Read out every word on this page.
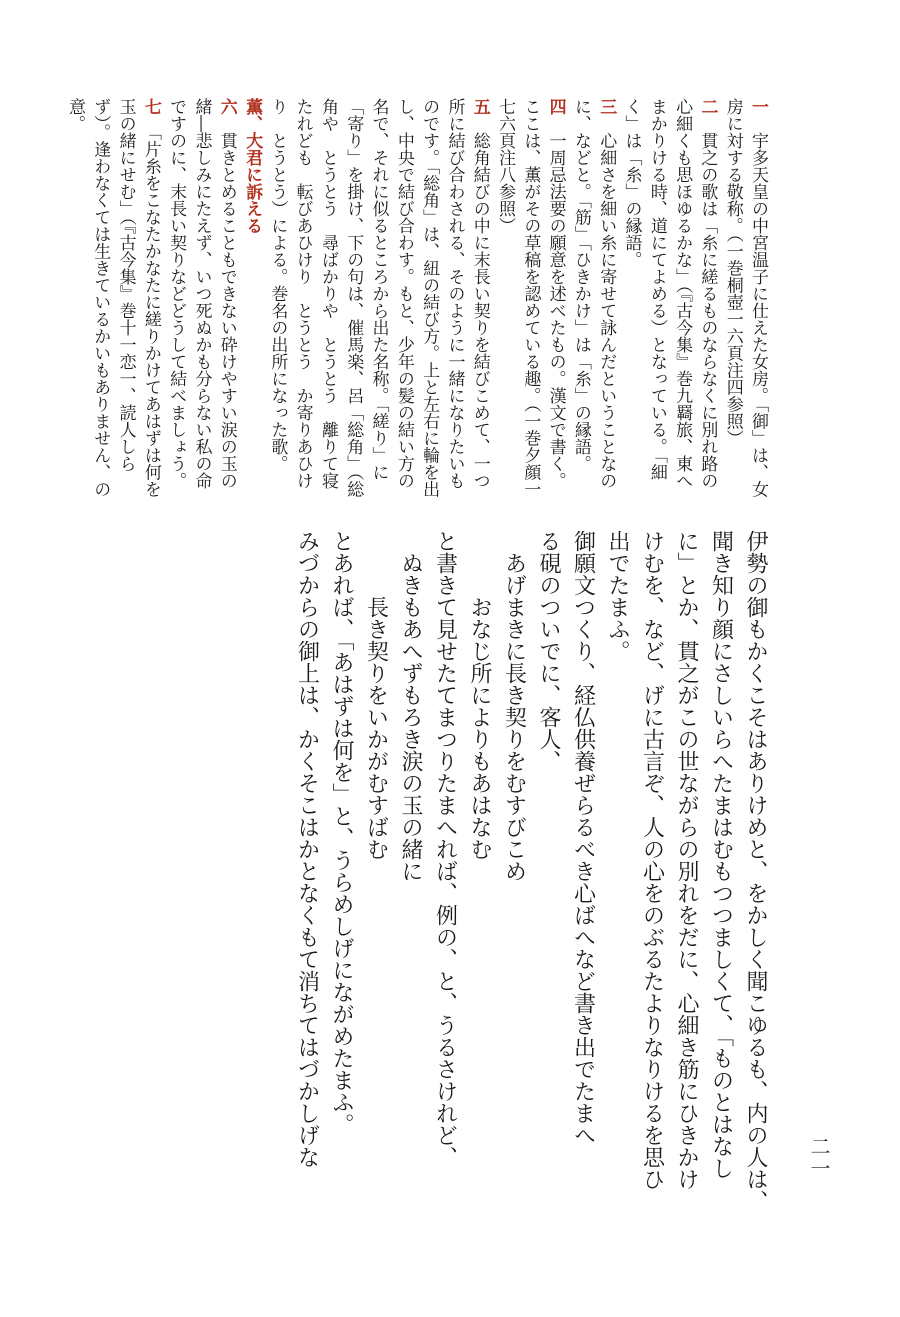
一　宇多天皇の中宮温子に仕えた女房。「御」は、女房に対する敬称。（一巻桐壺一六頁注四参照）

二　貫之の歌は「糸に縒るものならなくに別れ路の心細くも思ほゆるかな」（『古今集』巻九羇旅、東へまかりける時、道にてよめる）となっている。「細く」は「糸」の縁語。

三　心細さを細い糸に寄せて詠んだということなのに、などと。「筋」「ひきかけ」は「糸」の縁語。

四　一周忌法要の願意を述べたもの。漢文で書く。ここは、薫がその草稿を認めている趣。（一巻夕顔一七六頁注八参照）

五　総角結びの中に末長い契りを結びこめて、一つ所に結び合わされる、そのように一緒になりたいものです。「総角」は、紐の結び方。上と左右に輪を出し、中央で結び合わす。もと、少年の髪の結い方の名で、それに似るところから出た名称。「縒り」に「寄り」を掛け、下の句は、催馬楽、呂「総角」（総角や　とうとう　尋ばかりや　とうとう　離りて寝たれども　転びあひけり　とうとう　か寄りあひけり　とうとう）による。巻名の出所になった歌。　薫、大君に訴える

六　貫きとめることもできない砕けやすい涙の玉の緒―悲しみにたえず、いつ死ぬかも分らない私の命ですのに、末長い契りなどどうして結べましょう。

七　「片糸をこなたかなたに縒りかけてあはずは何を玉の緒にせむ」（『古今集』巻十一恋一、読人しらず）。逢わなくては生きているかいもありません、の意。

伊勢の御もかくこそはありけめと、をかしく聞こゆるも、内の人は、

聞き知り顔にさしいらへたまはむもつつましくて、「ものとはなし

に」とか、貫之がこの世ながらの別れをだに、心細き筋にひきかけ

けむを、など、げに古言ぞ、人の心をのぶるたよりなりけるを思ひ

出でたまふ。

御願文つくり、経仏供養ぜらるべき心ばへなど書き出でたまへ

る硯のついでに、客人、

　あげまきに長き契りをむすびこめ

　　　おなじ所によりもあはなむ

と書きて見せたてまつりたまへれば、例の、と、うるさけれど、

　ぬきもあへずもろき涙の玉の緒に

　　　長き契りをいかがむすばむ

とあれば、「あはずは何を」と、うらめしげにながめたまふ。

みづからの御上は、かくそこはかとなくもて消ちてはづかしげな	二一
